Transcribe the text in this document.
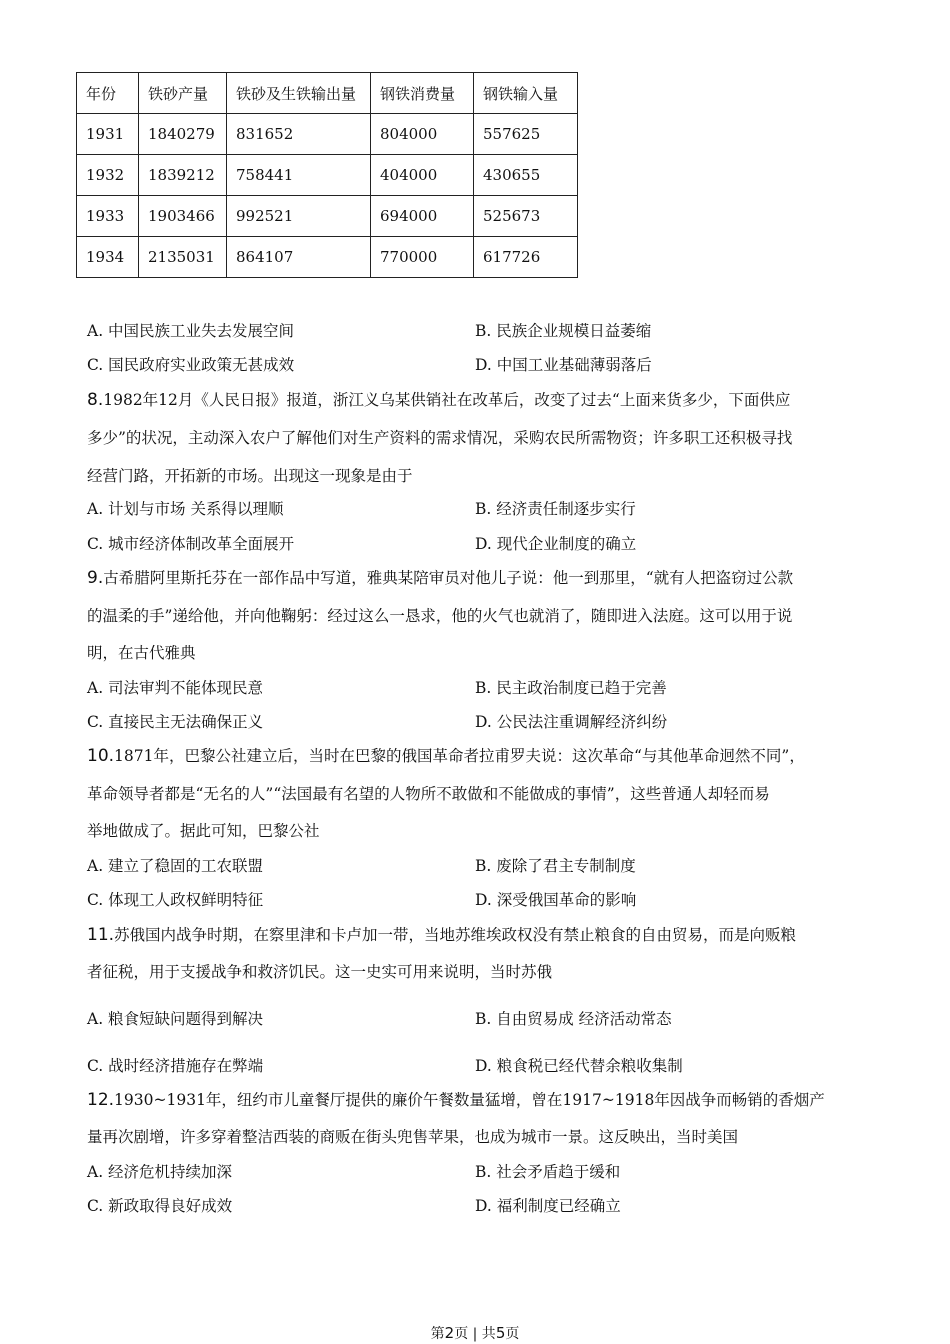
年份	铁砂产量	铁砂及生铁输出量	钢铁消费量	钢铁输入量
1931	1840279	831652	804000	557625
1932	1839212	758441	404000	430655
1933	1903466	992521	694000	525673
1934	2135031	864107	770000	617726
A. 中国民族工业失去发展空间	B. 民族企业规模日益萎缩
C. 国民政府实业政策无甚成效	D. 中国工业基础薄弱落后
8.1982年12月《人民日报》报道，浙江义乌某供销社在改革后，改变了过去“上面来货多少，下面供应
多少”的状况，主动深入农户了解他们对生产资料的需求情况，采购农民所需物资；许多职工还积极寻找
经营门路，开拓新的市场。出现这一现象是由于
A. 计划与市场 关系得以理顺	B. 经济责任制逐步实行
C. 城市经济体制改革全面展开	D. 现代企业制度的确立
9.古希腊阿里斯托芬在一部作品中写道，雅典某陪审员对他儿子说：他一到那里，“就有人把盗窃过公款
的温柔的手”递给他，并向他鞠躬：经过这么一恳求，他的火气也就消了，随即进入法庭。这可以用于说
明，在古代雅典
A. 司法审判不能体现民意	B. 民主政治制度已趋于完善
C. 直接民主无法确保正义	D. 公民法注重调解经济纠纷
10.1871年，巴黎公社建立后，当时在巴黎的俄国革命者拉甫罗夫说：这次革命“与其他革命迥然不同”，
革命领导者都是“无名的人”“法国最有名望的人物所不敢做和不能做成的事情”，这些普通人却轻而易
举地做成了。据此可知，巴黎公社
A. 建立了稳固的工农联盟	B. 废除了君主专制制度
C. 体现工人政权鲜明特征	D. 深受俄国革命的影响
11.苏俄国内战争时期，在察里津和卡卢加一带，当地苏维埃政权没有禁止粮食的自由贸易，而是向贩粮
者征税，用于支援战争和救济饥民。这一史实可用来说明，当时苏俄
A. 粮食短缺问题得到解决	B. 自由贸易成 经济活动常态
C. 战时经济措施存在弊端	D. 粮食税已经代替余粮收集制
12.1930~1931年，纽约市儿童餐厅提供的廉价午餐数量猛增，曾在1917~1918年因战争而畅销的香烟产
量再次剧增，许多穿着整洁西装的商贩在街头兜售苹果，也成为城市一景。这反映出，当时美国
A. 经济危机持续加深	B. 社会矛盾趋于缓和
C. 新政取得良好成效	D. 福利制度已经确立
第2页 | 共5页
